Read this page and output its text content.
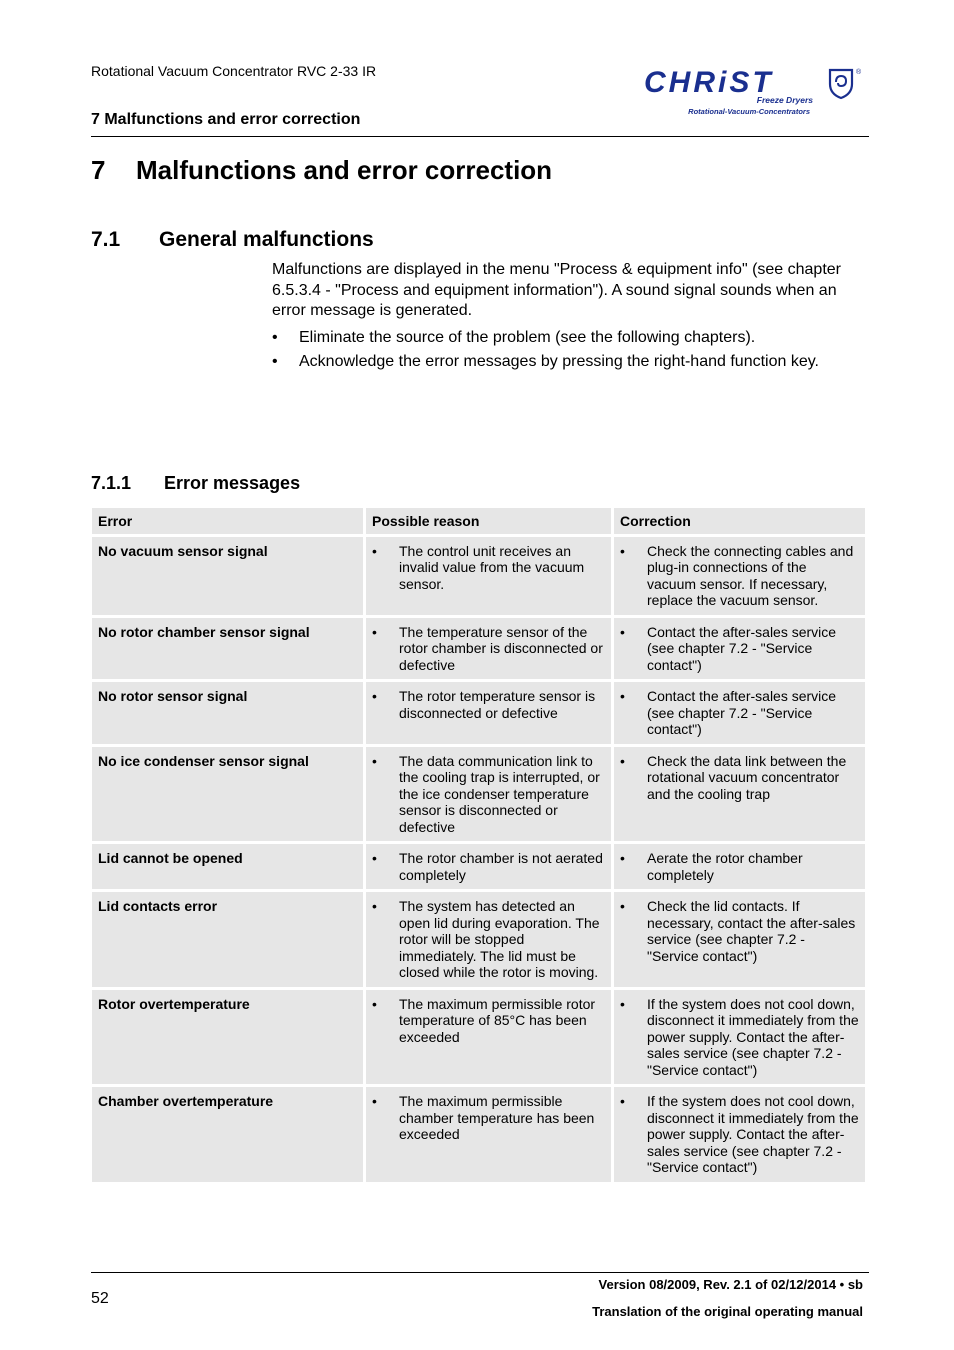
Rotational Vacuum Concentrator RVC 2-33 IR
7 Malfunctions and error correction
CHRiST	®
Freeze Dryers
Rotational-Vacuum-Concentrators
7 Malfunctions and error correction
7.1 General malfunctions

Malfunctions are displayed in the menu "Process & equipment info" (see chapter 6.5.3.4 - "Process and equipment information"). A sound signal sounds when an error message is generated.

• Eliminate the source of the problem (see the following chapters).
• Acknowledge the error messages by pressing the right-hand function key.
7.1.1 Error messages
Error	Possible reason	Correction
No vacuum sensor signal	• The control unit receives an invalid value from the vacuum sensor.	• Check the connecting cables and plug-in connections of the vacuum sensor. If necessary, replace the vacuum sensor.

No rotor chamber sensor signal	• The temperature sensor of the rotor chamber is disconnected or defective	• Contact the after-sales service (see chapter 7.2 - "Service contact")

No rotor sensor signal	• The rotor temperature sensor is disconnected or defective	• Contact the after-sales service (see chapter 7.2 - "Service contact")

No ice condenser sensor signal	• The data communication link to the cooling trap is interrupted, or the ice condenser temperature sensor is disconnected or defective	• Check the data link between the rotational vacuum concentrator and the cooling trap

Lid cannot be opened	• The rotor chamber is not aerated completely	• Aerate the rotor chamber completely

Lid contacts error	• The system has detected an open lid during evaporation. The rotor will be stopped immediately. The lid must be closed while the rotor is moving.	• Check the lid contacts. If necessary, contact the after-sales service (see chapter 7.2 - "Service contact")

Rotor overtemperature	• The maximum permissible rotor temperature of 85°C has been exceeded	• If the system does not cool down, disconnect it immediately from the power supply. Contact the after-sales service (see chapter 7.2 - "Service contact")

Chamber overtemperature	• The maximum permissible chamber temperature has been exceeded	• If the system does not cool down, disconnect it immediately from the power supply. Contact the after-sales service (see chapter 7.2 - "Service contact")
52
Version 08/2009, Rev. 2.1 of 02/12/2014 • sb
Translation of the original operating manual
